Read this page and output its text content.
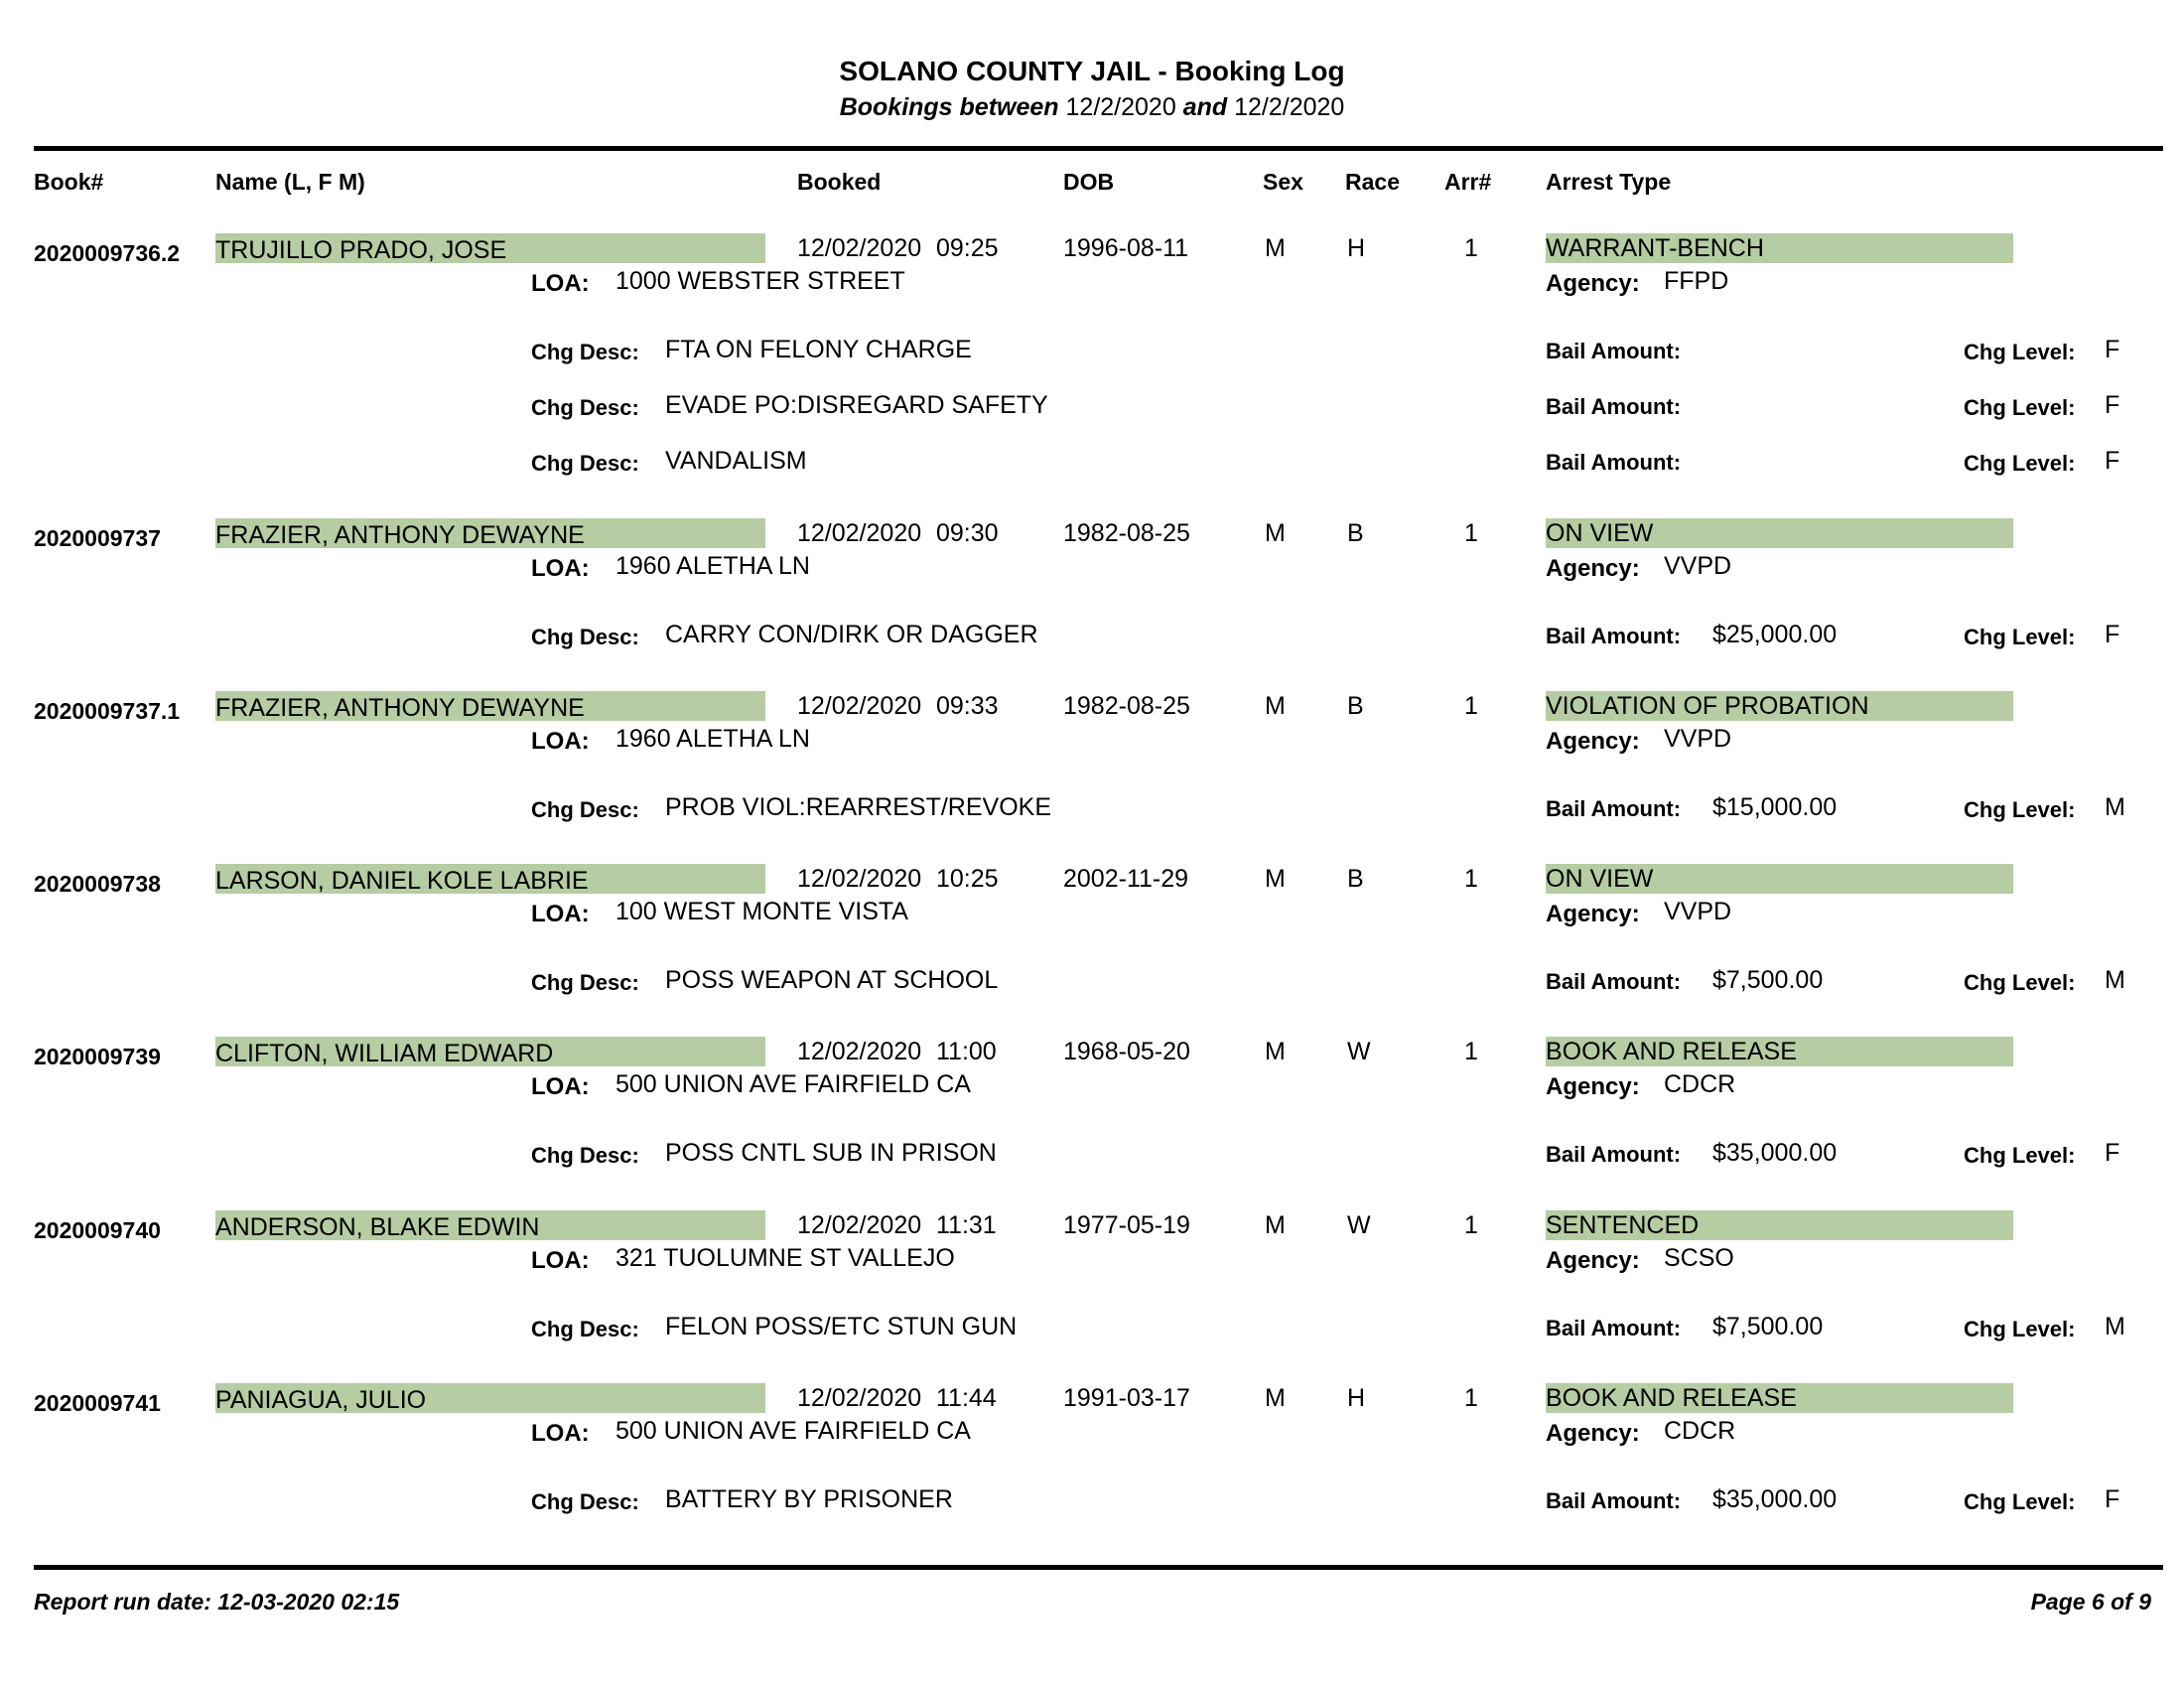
SOLANO COUNTY JAIL - Booking Log
Bookings between 12/2/2020 and 12/2/2020
Book#	Name (L, F M)	Booked	DOB	Sex Race Arr# Arrest Type
2020009736.2 TRUJILLO PRADO, JOSE	12/02/2020 09:25	1996-08-11	M H	1	WARRANT-BENCH
LOA: 1000 WEBSTER STREET	Agency: FFPD
Chg Desc: FTA ON FELONY CHARGE	Bail Amount:	Chg Level: F
Chg Desc: EVADE PO:DISREGARD SAFETY	Bail Amount:	Chg Level: F
Chg Desc: VANDALISM	Bail Amount:	Chg Level: F
2020009737 FRAZIER, ANTHONY DEWAYNE	12/02/2020 09:30	1982-08-25	M B	1	ON VIEW
LOA: 1960 ALETHA LN	Agency: VVPD
Chg Desc: CARRY CON/DIRK OR DAGGER	Bail Amount: $25,000.00	Chg Level: F
2020009737.1 FRAZIER, ANTHONY DEWAYNE	12/02/2020 09:33	1982-08-25	M B	1	VIOLATION OF PROBATION
LOA: 1960 ALETHA LN	Agency: VVPD
Chg Desc: PROB VIOL:REARREST/REVOKE	Bail Amount: $15,000.00	Chg Level: M
2020009738 LARSON, DANIEL KOLE LABRIE	12/02/2020 10:25	2002-11-29	M B	1	ON VIEW
LOA: 100 WEST MONTE VISTA	Agency: VVPD
Chg Desc: POSS WEAPON AT SCHOOL	Bail Amount: $7,500.00	Chg Level: M
2020009739 CLIFTON, WILLIAM EDWARD	12/02/2020 11:00	1968-05-20	M W	1	BOOK AND RELEASE
LOA: 500 UNION AVE FAIRFIELD CA	Agency: CDCR
Chg Desc: POSS CNTL SUB IN PRISON	Bail Amount: $35,000.00	Chg Level: F
2020009740 ANDERSON, BLAKE EDWIN	12/02/2020 11:31	1977-05-19	M W	1	SENTENCED
LOA: 321 TUOLUMNE ST VALLEJO	Agency: SCSO
Chg Desc: FELON POSS/ETC STUN GUN	Bail Amount: $7,500.00	Chg Level: M
2020009741 PANIAGUA, JULIO	12/02/2020 11:44	1991-03-17	M H	1	BOOK AND RELEASE
LOA: 500 UNION AVE FAIRFIELD CA	Agency: CDCR
Chg Desc: BATTERY BY PRISONER	Bail Amount: $35,000.00	Chg Level: F
Report run date: 12-03-2020 02:15	Page 6 of 9
